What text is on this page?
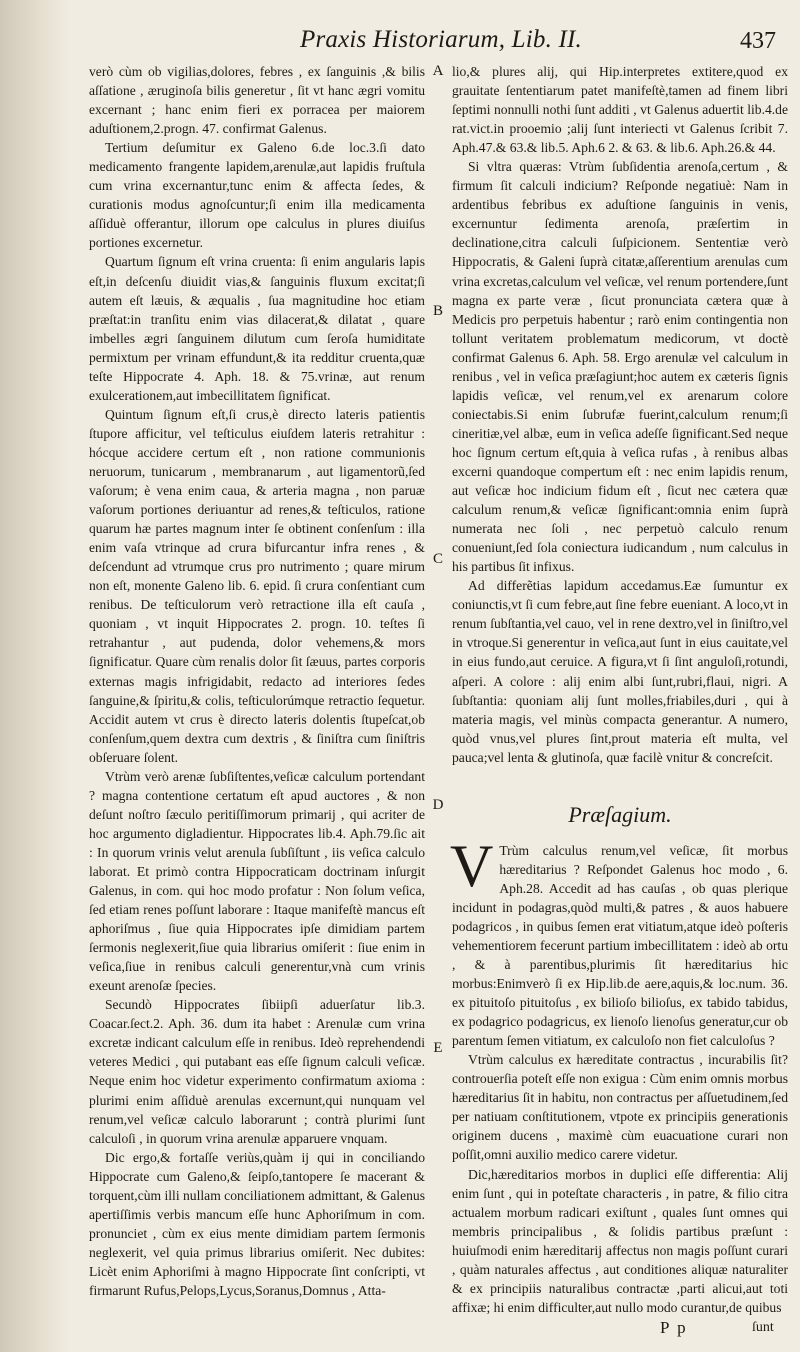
Praxis Historiarum, Lib. II.	437
A
B
C
D
E

verò cùm ob vigilias,dolores, febres , ex ſanguinis ,& bilis aſſatione , æruginoſa bilis generetur , ſit vt hanc ægri vomitu excernant ; hanc enim fieri ex porracea per maiorem aduſtionem,2.progn. 47. confirmat Galenus.

Tertium deſumitur ex Galeno 6.de loc.3.ſi dato medicamento frangente lapidem,arenulæ,aut lapidis fruſtula cum vrina excernantur,tunc enim & affecta ſedes, & curationis modus agnoſcuntur;ſi enim illa medicamenta aſſiduè offerantur, illorum ope calculus in plures diuiſus portiones excernetur.

Quartum ſignum eſt vrina cruenta: ſi enim angularis lapis eſt,in deſcenſu diuidit vias,& ſanguinis fluxum excitat;ſi autem eſt læuis, & æqualis , ſua magnitudine hoc etiam præſtat:in tranſitu enim vias dilacerat,& dilatat , quare imbelles ægri ſanguinem dilutum cum ſeroſa humiditate permixtum per vrinam effundunt,& ita redditur cruenta,quæ teſte Hippocrate 4. Aph. 18. & 75.vrinæ, aut renum exulcerationem,aut imbecillitatem ſignificat.

Quintum ſignum eſt,ſi crus,è directo lateris patientis ſtupore afficitur, vel teſticulus eiuſdem lateris retrahitur : hócque accidere certum eſt , non ratione communionis neruorum, tunicarum , membranarum , aut ligamentorũ,ſed vaſorum; è vena enim caua, & arteria magna , non paruæ vaſorum portiones deriuantur ad renes,& teſticulos, ratione quarum hæ partes magnum inter ſe obtinent conſenſum : illa enim vaſa vtrinque ad crura bifurcantur infra renes , & deſcendunt ad vtrumque crus pro nutrimento ; quare mirum non eſt, monente Galeno lib. 6. epid. ſi crura conſentiant cum renibus. De teſticulorum verò retractione illa eſt cauſa , quoniam , vt inquit Hippocrates 2. progn. 10. teſtes ſi retrahantur , aut pudenda, dolor vehemens,& mors ſignificatur. Quare cùm renalis dolor ſit ſæuus, partes corporis externas magis infrigidabit, redacto ad interiores ſedes ſanguine,& ſpiritu,& colis, teſticulorúmque retractio ſequetur. Accidit autem vt crus è directo lateris dolentis ſtupeſcat,ob conſenſum,quem dextra cum dextris , & ſiniſtra cum ſiniſtris obſeruare ſolent.

Vtrùm verò arenæ ſubſiſtentes,veſicæ calculum portendant ? magna contentione certatum eſt apud auctores , & non deſunt noſtro ſæculo peritiſſimorum primarij , qui acriter de hoc argumento digladientur. Hippocrates lib.4. Aph.79.ſic ait : In quorum vrinis velut arenula ſubſiſtunt , iis veſica calculo laborat. Et primò contra Hippocraticam doctrinam inſurgit Galenus, in com. qui hoc modo profatur : Non ſolum veſica, ſed etiam renes poſſunt laborare : Itaque manifeſtè mancus eſt aphoriſmus , ſiue quia Hippocrates ipſe dimidiam partem ſermonis neglexerit,ſiue quia librarius omiſerit : ſiue enim in veſica,ſiue in renibus calculi generentur,vnà cum vrinis exeunt arenoſæ ſpecies.

Secundò Hippocrates ſibiipſi aduerſatur lib.3. Coacar.ſect.2. Aph. 36. dum ita habet : Arenulæ cum vrina excretæ indicant calculum eſſe in renibus. Ideò reprehendendi veteres Medici , qui putabant eas eſſe ſignum calculi veſicæ. Neque enim hoc videtur experimento confirmatum axioma : plurimi enim aſſiduè arenulas excernunt,qui nunquam vel renum,vel veſicæ calculo laborarunt ; contrà plurimi ſunt calculoſi , in quorum vrina arenulæ apparuere vnquam.

Dic ergo,& fortaſſe veriùs,quàm ij qui in conciliando Hippocrate cum Galeno,& ſeipſo,tantopere ſe macerant & torquent,cùm illi nullam conciliationem admittant, & Galenus apertiſſimis verbis mancum eſſe hunc Aphoriſmum in com. pronunciet , cùm ex eius mente dimidiam partem ſermonis neglexerit, vel quia primus librarius omiſerit. Nec dubites: Licèt enim Aphoriſmi à magno Hippocrate ſint conſcripti, vt firmarunt Rufus,Pelops,Lycus,Soranus,Domnus , Atta-

lio,& plures alij, qui Hip.interpretes extitere,quod ex grauitate ſententiarum patet manifeſtè,tamen ad finem libri ſeptimi nonnulli nothi ſunt additi , vt Galenus aduertit lib.4.de rat.vict.in prooemio ;alij ſunt interiecti vt Galenus ſcribit 7. Aph.47.& 63.& lib.5. Aph.6 2. & 63. & lib.6. Aph.26.& 44.

Si vltra quæras: Vtrùm ſubſidentia arenoſa,certum , & firmum ſit calculi indicium? Reſponde negatiuè: Nam in ardentibus febribus ex aduſtione ſanguinis in venis, excernuntur ſedimenta arenoſa, præſertim in declinatione,citra calculi ſuſpicionem. Sententiæ verò Hippocratis, & Galeni ſuprà citatæ,aſſerentium arenulas cum vrina excretas,calculum vel veſicæ, vel renum portendere,ſunt magna ex parte veræ , ſicut pronunciata cætera quæ à Medicis pro perpetuis habentur ; rarò enim contingentia non tollunt veritatem problematum medicorum, vt doctè confirmat Galenus 6. Aph. 58. Ergo arenulæ vel calculum in renibus , vel in veſica præſagiunt;hoc autem ex cæteris ſignis lapidis veſicæ, vel renum,vel ex arenarum colore coniectabis.Si enim ſubrufæ fuerint,calculum renum;ſi cineritiæ,vel albæ, eum in veſica adeſſe ſignificant.Sed neque hoc ſignum certum eſt,quia à veſica rufas , à renibus albas excerni quandoque compertum eſt : nec enim lapidis renum, aut veſicæ hoc indicium fidum eſt , ſicut nec cætera quæ calculum renum,& veſicæ ſignificant:omnia enim ſuprà numerata nec ſoli , nec perpetuò calculo renum conueniunt,ſed ſola coniectura iudicandum , num calculus in his partibus ſit infixus.

Ad differẽtias lapidum accedamus.Eæ ſumuntur ex coniunctis,vt ſi cum febre,aut ſine febre eueniant. A loco,vt in renum ſubſtantia,vel cauo, vel in rene dextro,vel in ſiniſtro,vel in vtroque.Si generentur in veſica,aut ſunt in eius cauitate,vel in eius fundo,aut ceruice. A figura,vt ſi ſint anguloſi,rotundi, aſperi. A colore : alij enim albi ſunt,rubri,flaui, nigri. A ſubſtantia: quoniam alij ſunt molles,friabiles,duri , qui à materia magis, vel minùs compacta generantur. A numero, quòd vnus,vel plures ſint,prout materia eſt multa, vel pauca;vel lenta & glutinoſa, quæ facilè vnitur & concreſcit.

Præſagium.

V Trùm calculus renum,vel veſicæ, ſit morbus hæreditarius ? Reſpondet Galenus hoc modo , 6. Aph.28. Accedit ad has cauſas , ob quas plerique incidunt in podagras,quòd multi,& patres , & auos habuere podagricos , in quibus ſemen erat vitiatum,atque ideò poſteris vehementiorem fecerunt partium imbecillitatem : ideò ab ortu , & à parentibus,plurimis ſit hæreditarius hic morbus:Enimverò ſi ex Hip.lib.de aere,aquis,& loc.num. 36. ex pituitoſo pituitoſus , ex bilioſo bilioſus, ex tabido tabidus, ex podagrico podagricus, ex lienoſo lienoſus generatur,cur ob parentum ſemen vitiatum, ex calculoſo non fiet calculoſus ?

Vtrùm calculus ex hæreditate contractus , incurabilis ſit? controuerſia poteſt eſſe non exigua : Cùm enim omnis morbus hæreditarius ſit in habitu, non contractus per aſſuetudinem,ſed per natiuam conſtitutionem, vtpote ex principiis generationis originem ducens , maximè cùm euacuatione curari non poſſit,omni auxilio medico carere videtur.

Dic,hæreditarios morbos in duplici eſſe differentia: Alij enim ſunt , qui in poteſtate characteris , in patre, & filio citra actualem morbum radicari exiſtunt , quales ſunt omnes qui membris principalibus , & ſolidis partibus præſunt : huiuſmodi enim hæreditarij affectus non magis poſſunt curari , quàm naturales affectus , aut conditiones aliquæ naturaliter & ex principiis naturalibus contractæ ,parti alicui,aut toti affixæ; hi enim difficulter,aut nullo modo curantur,de quibus

P p	ſunt
